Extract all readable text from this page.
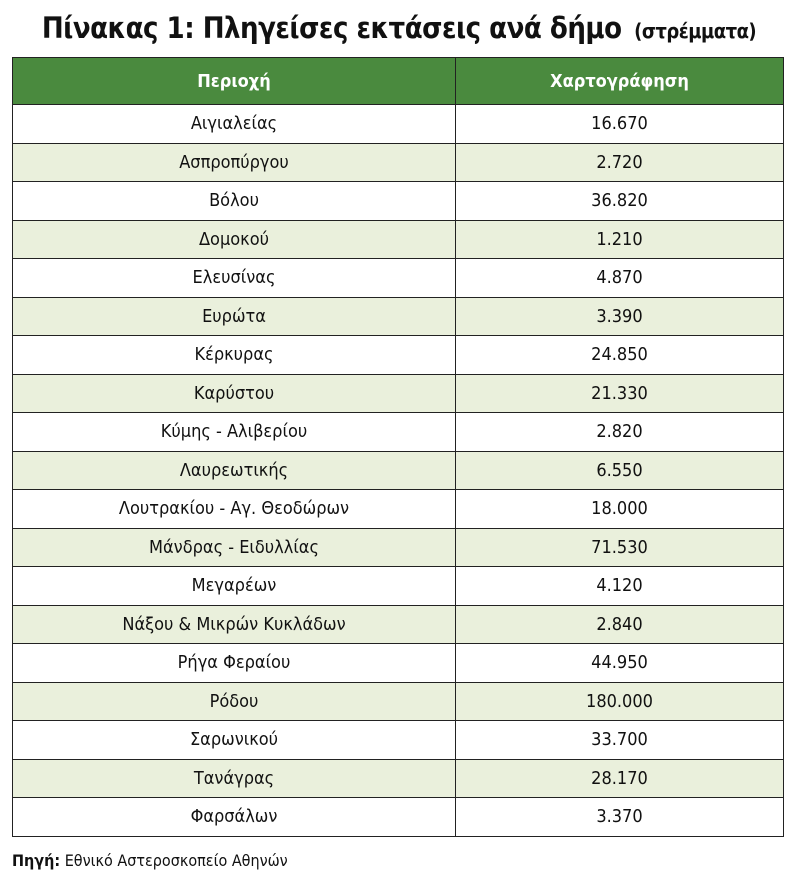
Πίνακας 1: Πληγείσες εκτάσεις ανά δήμο (στρέμματα)
Περιοχή	Χαρτογράφηση
Αιγιαλείας	16.670
Ασπροπύργου	2.720
Βόλου	36.820
Δομοκού	1.210
Ελευσίνας	4.870
Ευρώτα	3.390
Κέρκυρας	24.850
Καρύστου	21.330
Κύμης - Αλιβερίου	2.820
Λαυρεωτικής	6.550
Λουτρακίου - Αγ. Θεοδώρων	18.000
Μάνδρας - Ειδυλλίας	71.530
Μεγαρέων	4.120
Νάξου & Μικρών Κυκλάδων	2.840
Ρήγα Φεραίου	44.950
Ρόδου	180.000
Σαρωνικού	33.700
Τανάγρας	28.170
Φαρσάλων	3.370
Πηγή: Εθνικό Αστεροσκοπείο Αθηνών
